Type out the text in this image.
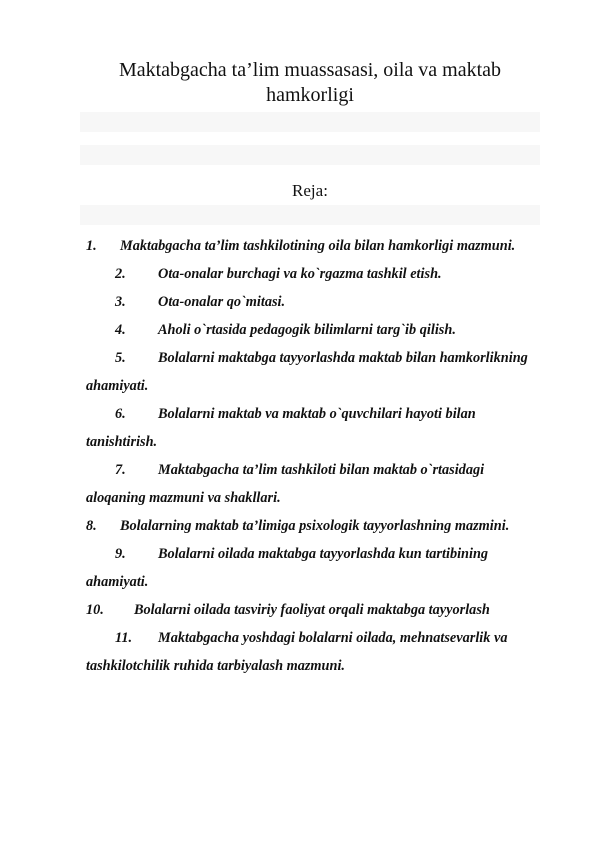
Maktabgacha ta’lim muassasasi, oila va maktab hamkorligi
Reja:
1. Maktabgacha ta’lim tashkilotining oila bilan hamkorligi mazmuni.
2. Ota-onalar burchagi va ko`rgazma tashkil etish.
3. Ota-onalar qo`mitasi.
4. Aholi o`rtasida pedagogik bilimlarni targ`ib qilish.
5. Bolalarni maktabga tayyorlashda maktab bilan hamkorlikning ahamiyati.
6. Bolalarni maktab va maktab o`quvchilari hayoti bilan tanishtirish.
7. Maktabgacha ta’lim tashkiloti bilan maktab o`rtasidagi aloqaning mazmuni va shakllari.
8. Bolalarning maktab ta’limiga psixologik tayyorlashning mazmini.
9. Bolalarni oilada maktabga tayyorlashda kun tartibining ahamiyati.
10. Bolalarni oilada tasviriy faoliyat orqali maktabga tayyorlash
11. Maktabgacha yoshdagi bolalarni oilada, mehnatsevarlik va tashkilotchilik ruhida tarbiyalash mazmuni.
